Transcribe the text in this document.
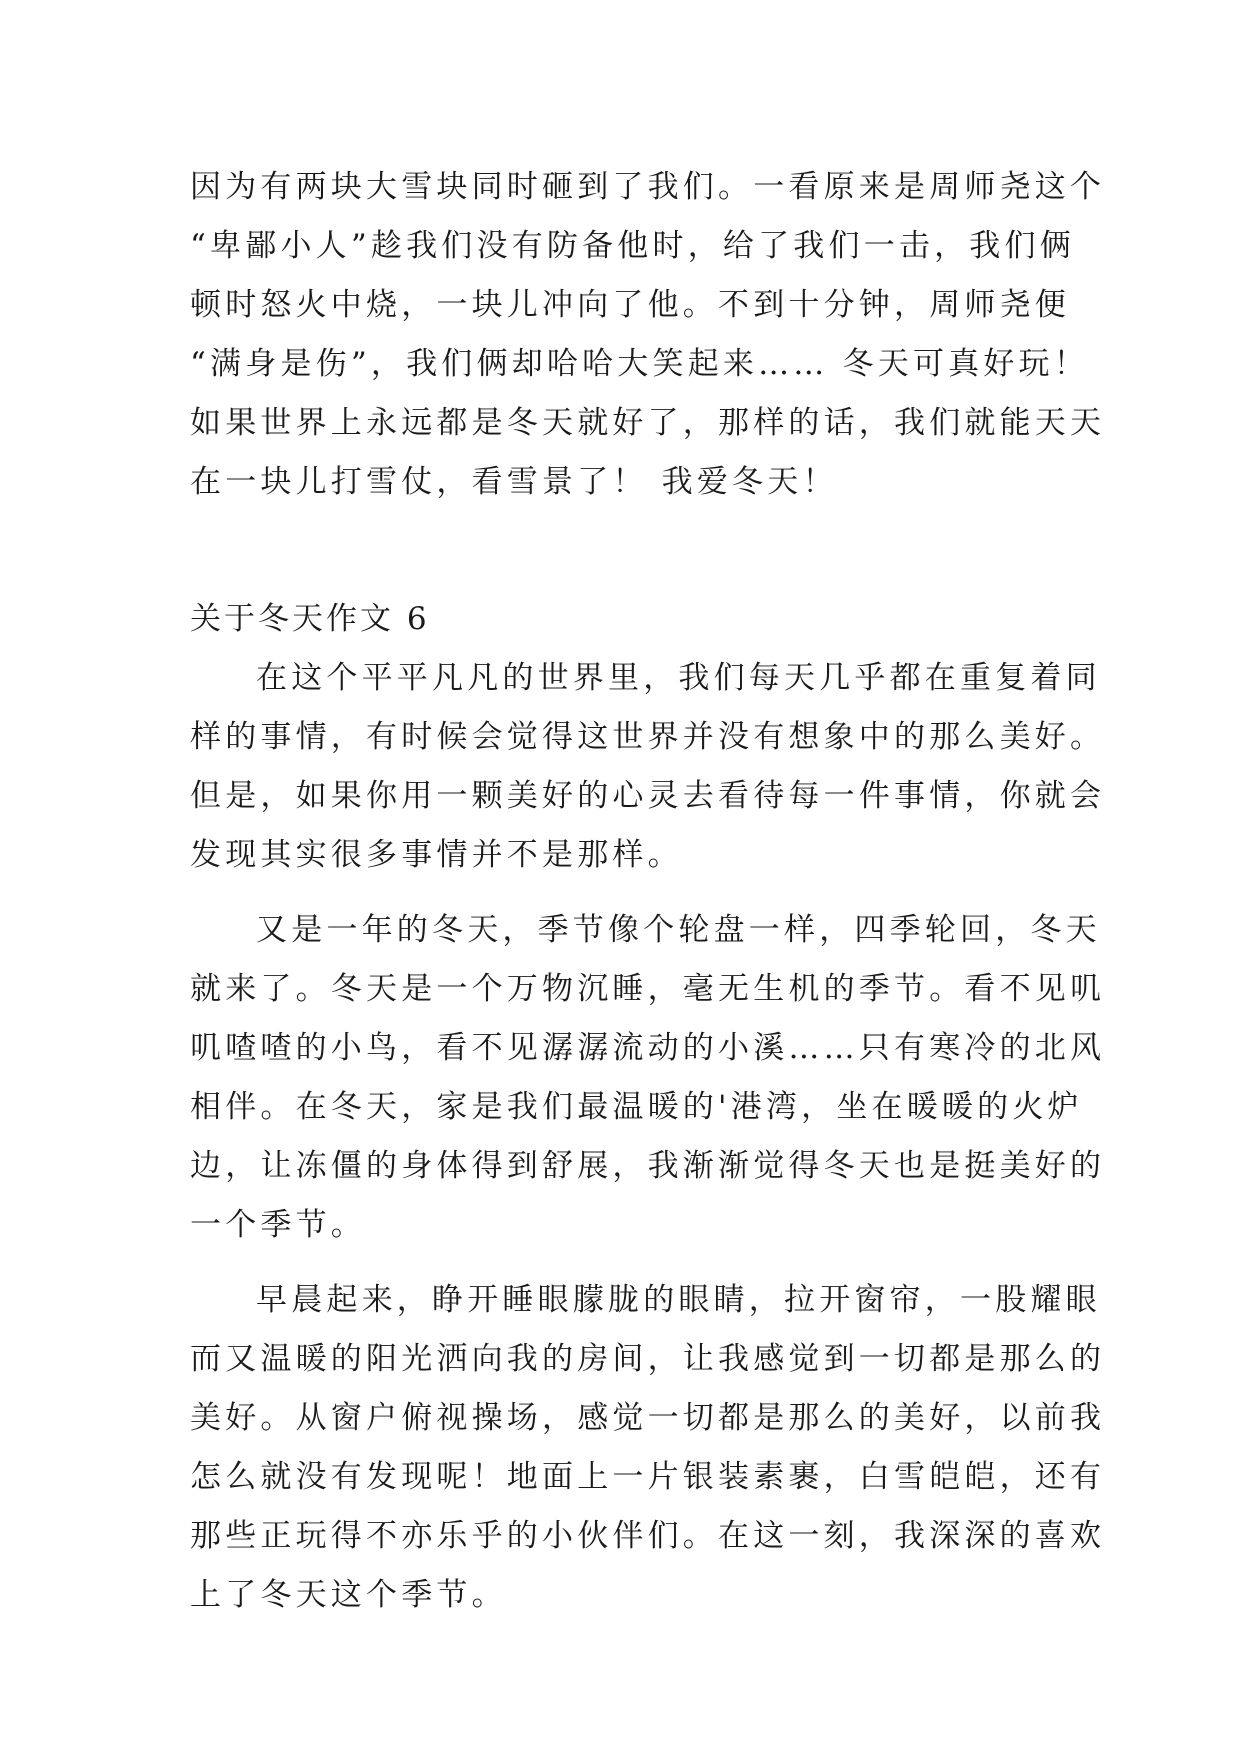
因为有两块大雪块同时砸到了我们。一看原来是周师尧这个
“卑鄙小人”趁我们没有防备他时，给了我们一击，我们俩
顿时怒火中烧，一块儿冲向了他。不到十分钟，周师尧便
“满身是伤”，我们俩却哈哈大笑起来…… 冬天可真好玩！
如果世界上永远都是冬天就好了，那样的话，我们就能天天
在一块儿打雪仗，看雪景了！ 我爱冬天！
关于冬天作文 6
在这个平平凡凡的世界里，我们每天几乎都在重复着同
样的事情，有时候会觉得这世界并没有想象中的那么美好。
但是，如果你用一颗美好的心灵去看待每一件事情，你就会
发现其实很多事情并不是那样。
又是一年的冬天，季节像个轮盘一样，四季轮回，冬天
就来了。冬天是一个万物沉睡，毫无生机的季节。看不见叽
叽喳喳的小鸟，看不见潺潺流动的小溪……只有寒冷的北风
相伴。在冬天，家是我们最温暖的'港湾，坐在暖暖的火炉
边，让冻僵的身体得到舒展，我渐渐觉得冬天也是挺美好的
一个季节。
早晨起来，睁开睡眼朦胧的眼睛，拉开窗帘，一股耀眼
而又温暖的阳光洒向我的房间，让我感觉到一切都是那么的
美好。从窗户俯视操场，感觉一切都是那么的美好，以前我
怎么就没有发现呢！地面上一片银装素裹，白雪皑皑，还有
那些正玩得不亦乐乎的小伙伴们。在这一刻，我深深的喜欢
上了冬天这个季节。
